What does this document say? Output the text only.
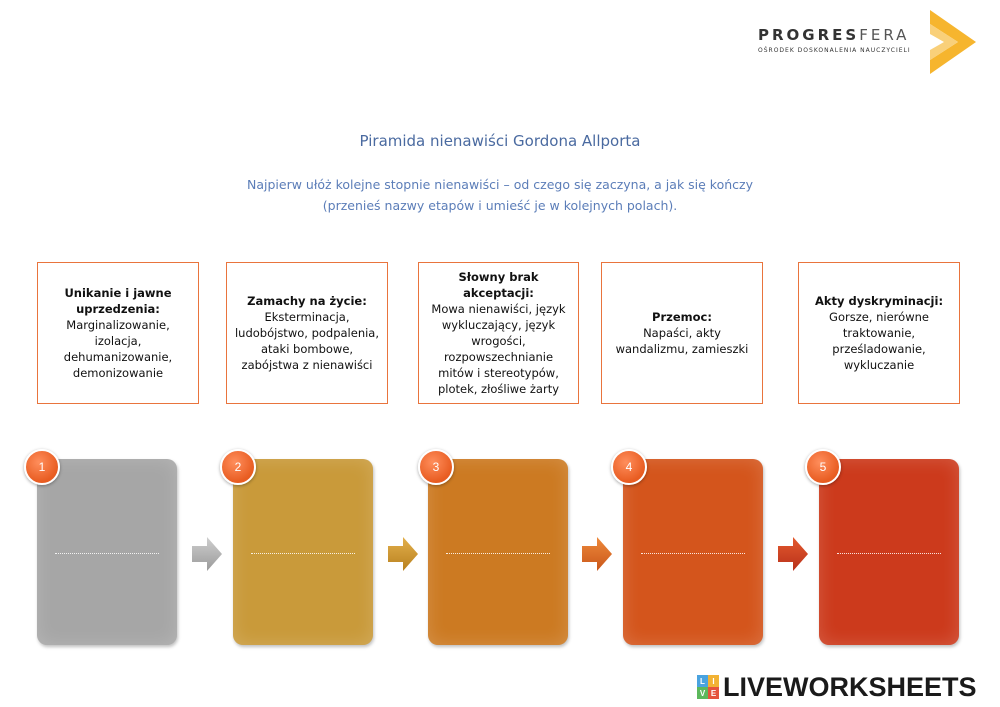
PROGRESFERA
OŚRODEK DOSKONALENIA NAUCZYCIELI
Piramida nienawiści Gordona Allporta
Najpierw ułóż kolejne stopnie nienawiści – od czego się zaczyna, a jak się kończy
(przenieś nazwy etapów i umieść je w kolejnych polach).
Unikanie i jawne uprzedzenia:
Marginalizowanie, izolacja, dehumanizowanie, demonizowanie
Zamachy na życie:
Eksterminacja, ludobójstwo, podpalenia, ataki bombowe, zabójstwa z nienawiści
Słowny brak akceptacji:
Mowa nienawiści, język wykluczający, język wrogości, rozpowszechnianie mitów i stereotypów, plotek, złośliwe żarty
Przemoc:
Napaści, akty wandalizmu, zamieszki
Akty dyskryminacji:
Gorsze, nierówne traktowanie, prześladowanie, wykluczanie
1	2	3	4	5
L I
V E LIVEWORKSHEETS
